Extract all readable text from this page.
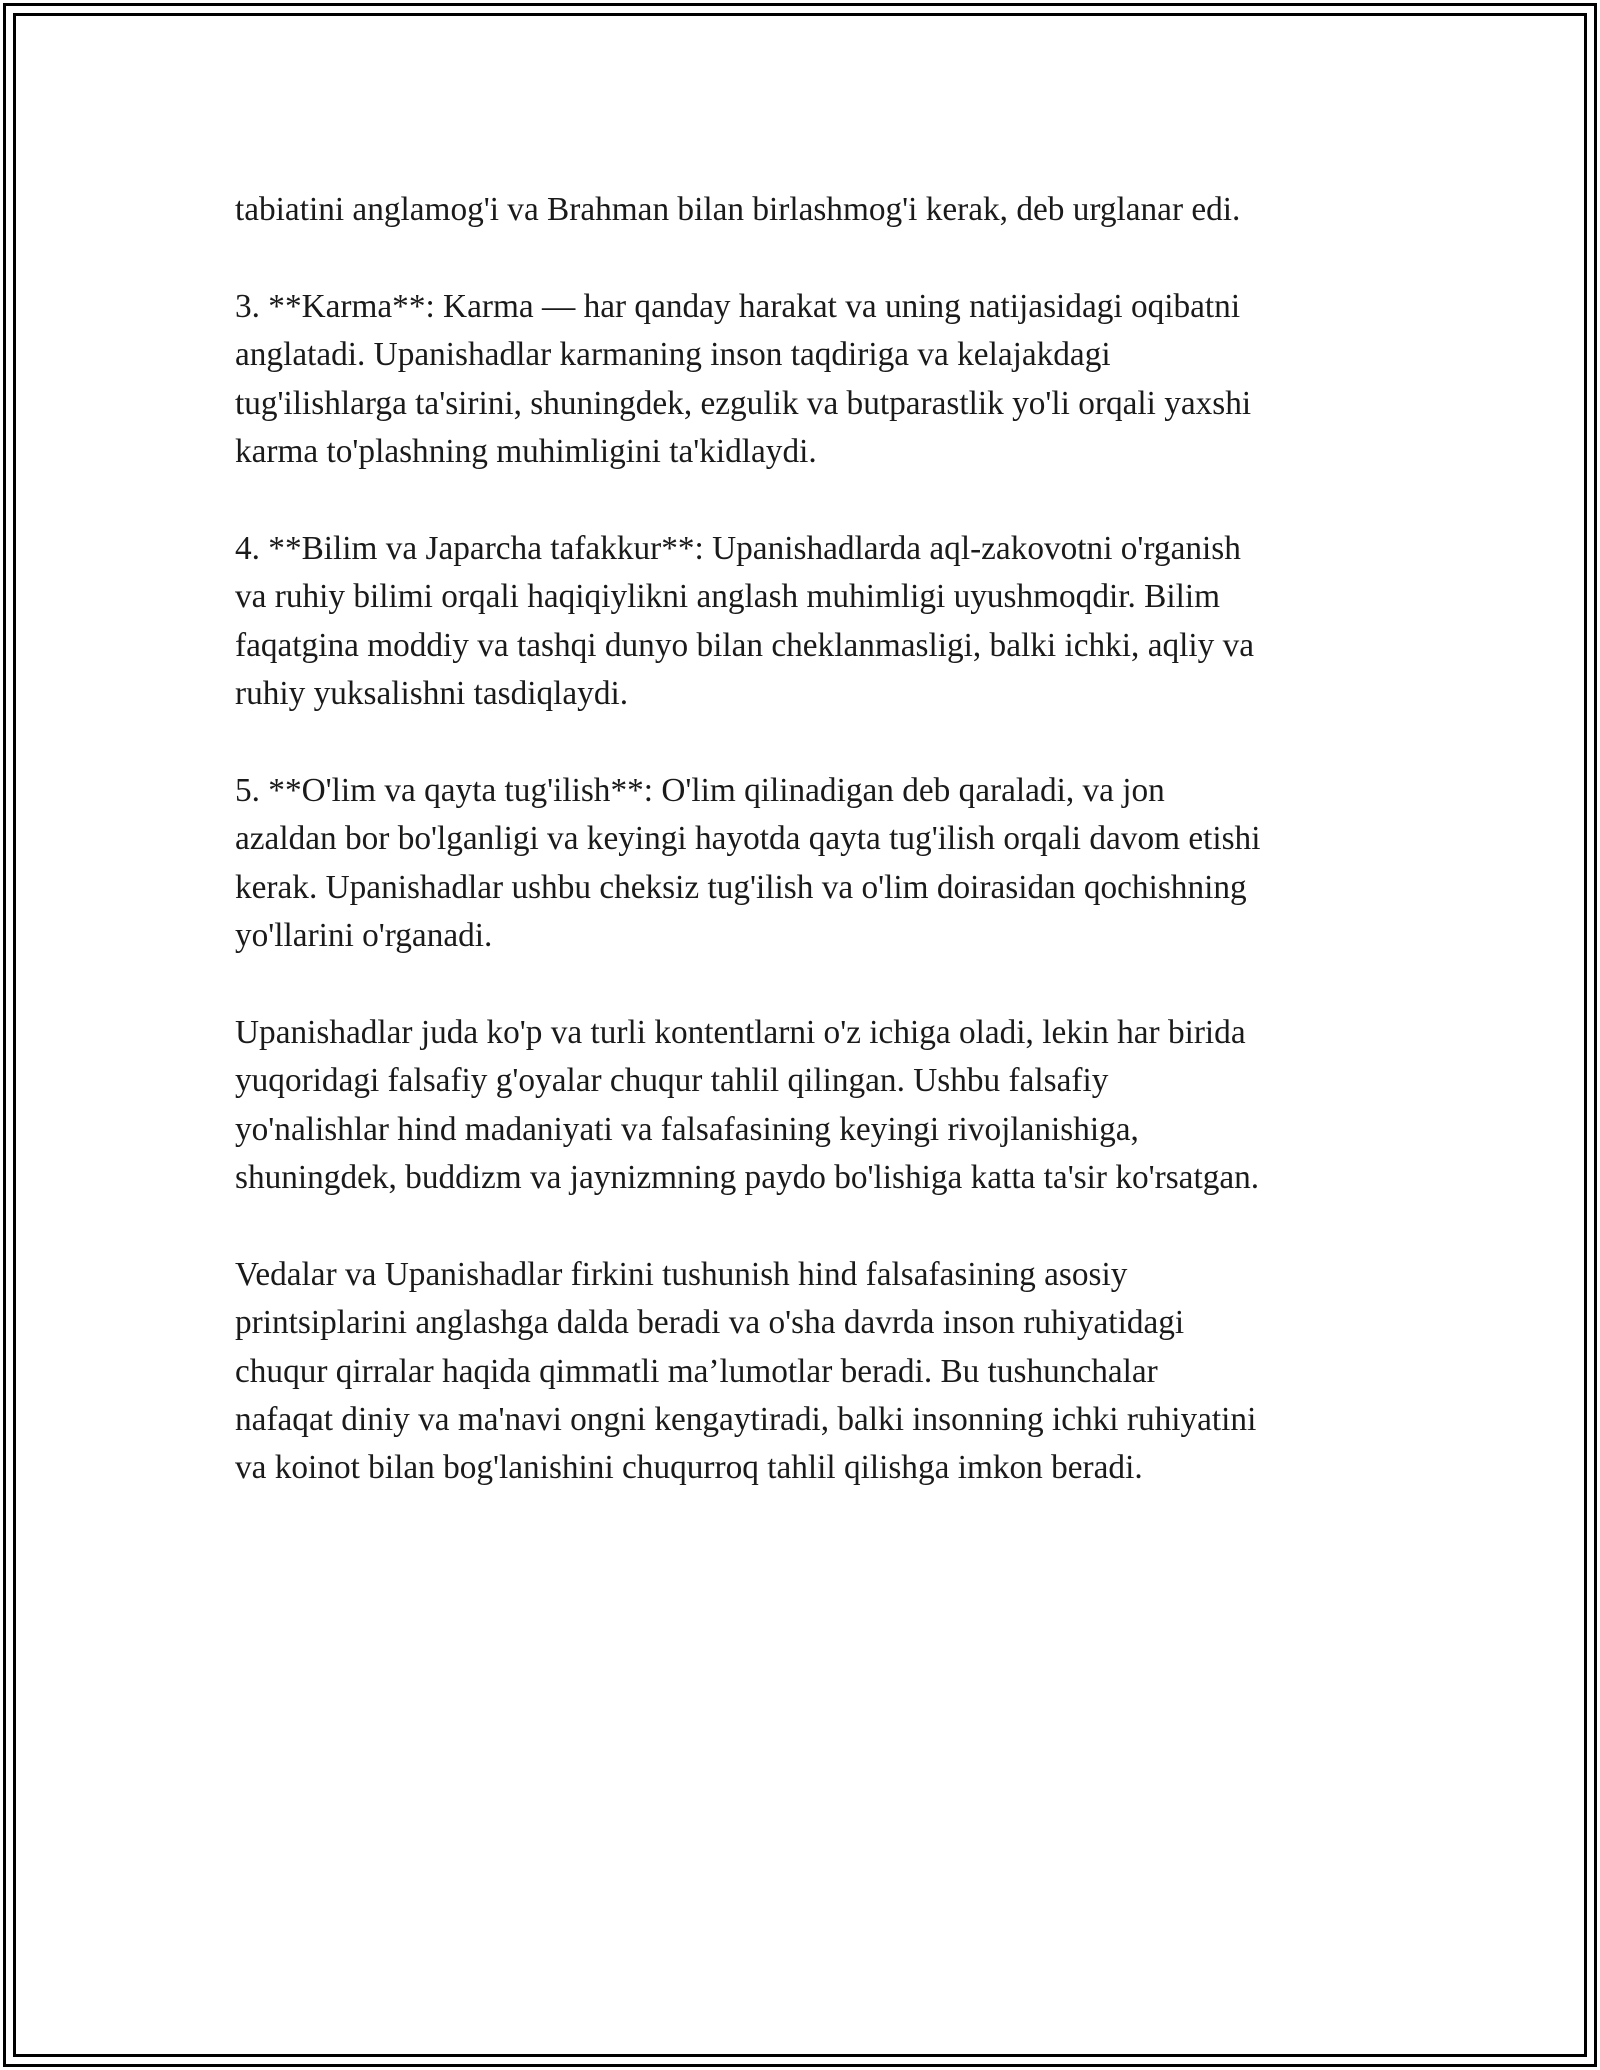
tabiatini anglamog'i va Brahman bilan birlashmog'i kerak, deb urglanar edi.

3. **Karma**: Karma — har qanday harakat va uning natijasidagi oqibatni
anglatadi. Upanishadlar karmaning inson taqdiriga va kelajakdagi
tug'ilishlarga ta'sirini, shuningdek, ezgulik va butparastlik yo'li orqali yaxshi
karma to'plashning muhimligini ta'kidlaydi.

4. **Bilim va Japarcha tafakkur**: Upanishadlarda aql-zakovotni o'rganish
va ruhiy bilimi orqali haqiqiylikni anglash muhimligi uyushmoqdir. Bilim
faqatgina moddiy va tashqi dunyo bilan cheklanmasligi, balki ichki, aqliy va
ruhiy yuksalishni tasdiqlaydi.

5. **O'lim va qayta tug'ilish**: O'lim qilinadigan deb qaraladi, va jon
azaldan bor bo'lganligi va keyingi hayotda qayta tug'ilish orqali davom etishi
kerak. Upanishadlar ushbu cheksiz tug'ilish va o'lim doirasidan qochishning
yo'llarini o'rganadi.

Upanishadlar juda ko'p va turli kontentlarni o'z ichiga oladi, lekin har birida
yuqoridagi falsafiy g'oyalar chuqur tahlil qilingan. Ushbu falsafiy
yo'nalishlar hind madaniyati va falsafasining keyingi rivojlanishiga,
shuningdek, buddizm va jaynizmning paydo bo'lishiga katta ta'sir ko'rsatgan.

Vedalar va Upanishadlar firkini tushunish hind falsafasining asosiy
printsiplarini anglashga dalda beradi va o'sha davrda inson ruhiyatidagi
chuqur qirralar haqida qimmatli ma’lumotlar beradi. Bu tushunchalar
nafaqat diniy va ma'navi ongni kengaytiradi, balki insonning ichki ruhiyatini
va koinot bilan bog'lanishini chuqurroq tahlil qilishga imkon beradi.
